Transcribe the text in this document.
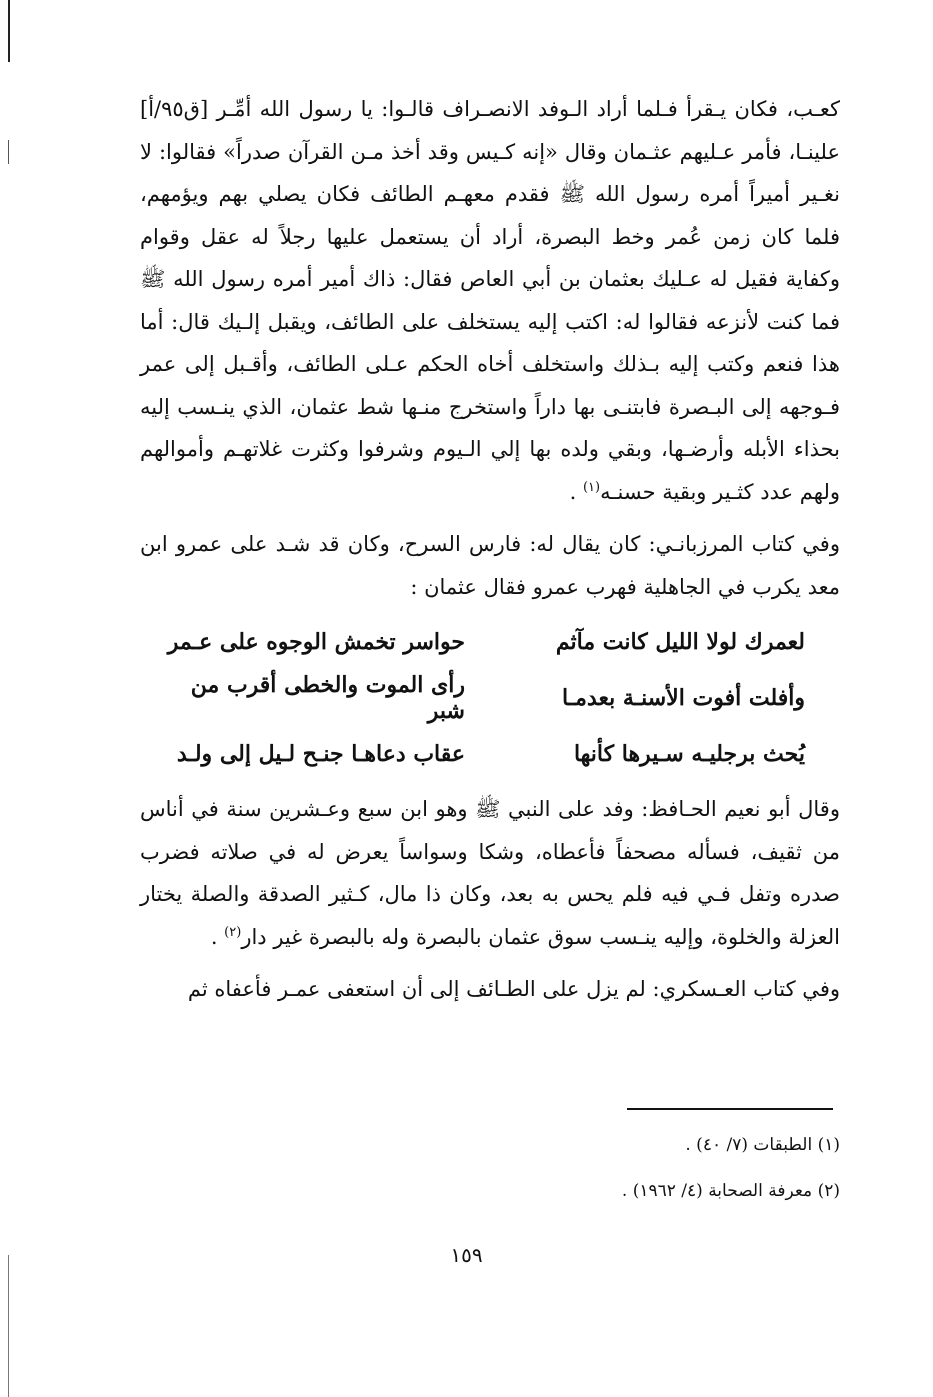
كعـب، فكان يـقرأ فـلما أراد الـوفد الانصـراف قالـوا: يا رسول الله أمِّـر [ق٩٥/أ] علينـا، فأمر عـليهم عثـمان وقال «إنه كـيس وقد أخذ مـن القرآن صدراً» فقالوا: لا نغـير أميراً أمره رسول الله ﷺ فقدم معهـم الطائف فكان يصلي بهم ويؤمهم، فلما كان زمن عُمر وخط البصرة، أراد أن يستعمل عليها رجلاً له عقل وقوام وكفاية فقيل له عـليك بعثمان بن أبي العاص فقال: ذاك أمير أمره رسول الله ﷺ فما كنت لأنزعه فقالوا له: اكتب إليه يستخلف على الطائف، ويقبل إلـيك قال: أما هذا فنعم وكتب إليه بـذلك واستخلف أخاه الحكم عـلى الطائف، وأقـبل إلى عمر فـوجهه إلى البـصرة فابتنـى بها داراً واستخرج منـها شط عثمان، الذي ينـسب إليه بحذاء الأبله وأرضـها، وبقي ولده بها إلي الـيوم وشرفوا وكثرت غلاتهـم وأموالهم ولهم عدد كثـير وبقية حسنـه$^{(١)}$ .

وفي كتاب المرزبانـي: كان يقال له: فارس السرح، وكان قد شـد على عمرو ابن معد يكرب في الجاهلية فهرب عمرو فقال عثمان :

لعمرك لولا الليل كانت مآثم
حواسر تخمش الوجوه على عـمر
وأفلت أفوت الأسنـة بعدمـا
رأى الموت والخطى أقرب من شبر
يُحث برجليـه سـيرها كأنها
عقاب دعاهـا جنـح لـيل إلى ولـد

وقال أبو نعيم الحـافظ: وفد على النبي ﷺ وهو ابن سبع وعـشرين سنة في أناس من ثقيف، فسأله مصحفاً فأعطاه، وشكا وسواساً يعرض له في صلاته فضرب صدره وتفل فـي فيه فلم يحس به بعد، وكان ذا مال، كـثير الصدقة والصلة يختار العزلة والخلوة، وإليه ينـسب سوق عثمان بالبصرة وله بالبصرة غير دار$^{(٢)}$ .

وفي كتاب العـسكري: لم يزل على الطـائف إلى أن استعفى عمـر فأعفاه ثم

(١) الطبقات (٧/ ٤٠) .

(٢) معرفة الصحابة (٤/ ١٩٦٢) .

١٥٩
